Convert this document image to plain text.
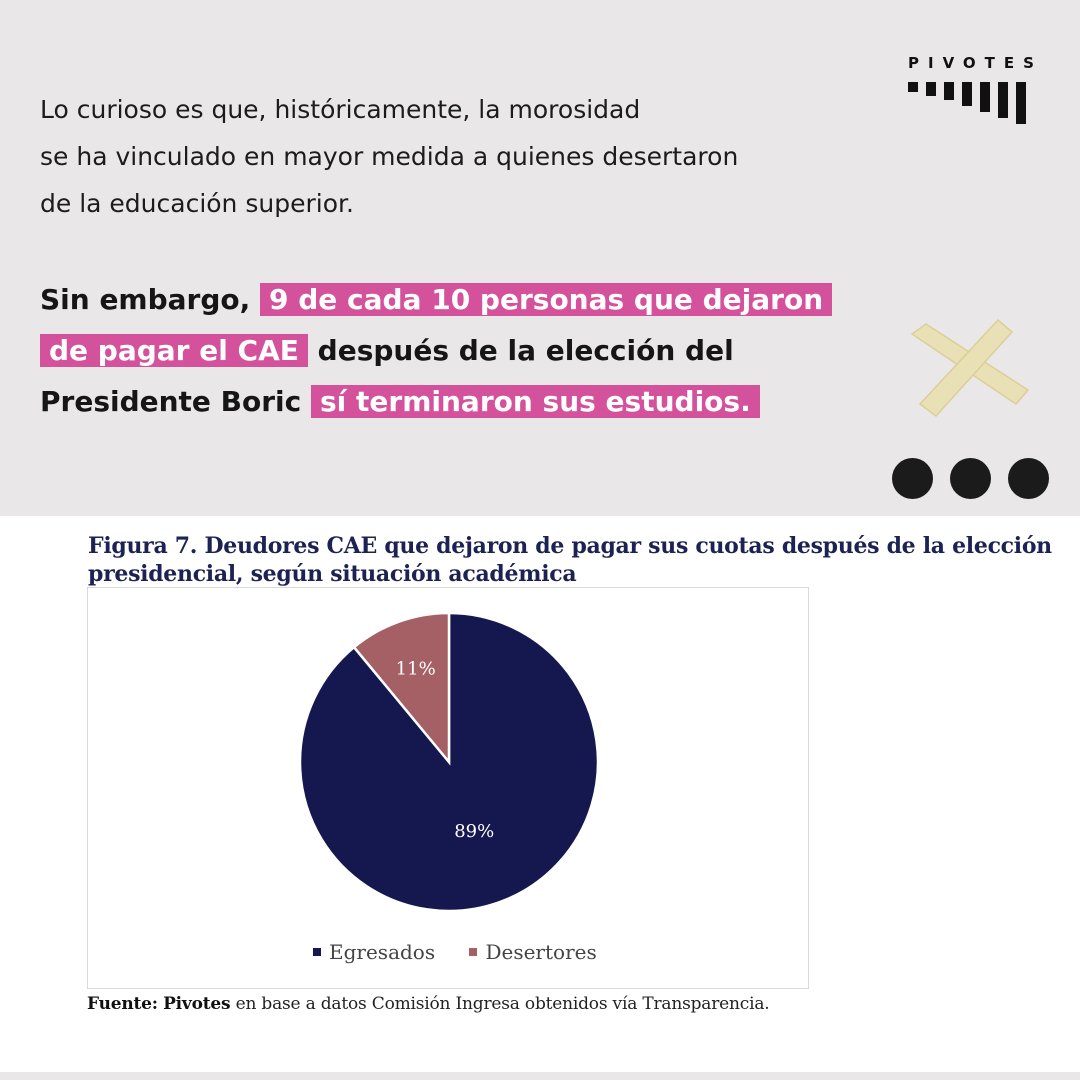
Lo curioso es que, históricamente, la morosidad
se ha vinculado en mayor medida a quienes desertaron
de la educación superior.
Sin embargo, 9 de cada 10 personas que dejaron
de pagar el CAE después de la elección del
Presidente Boric sí terminaron sus estudios.
PIVOTES
Figura 7. Deudores CAE que dejaron de pagar sus cuotas después de la elección
presidencial, según situación académica
89%
11%
Egresados	Desertores
Fuente: Pivotes en base a datos Comisión Ingresa obtenidos vía Transparencia.
